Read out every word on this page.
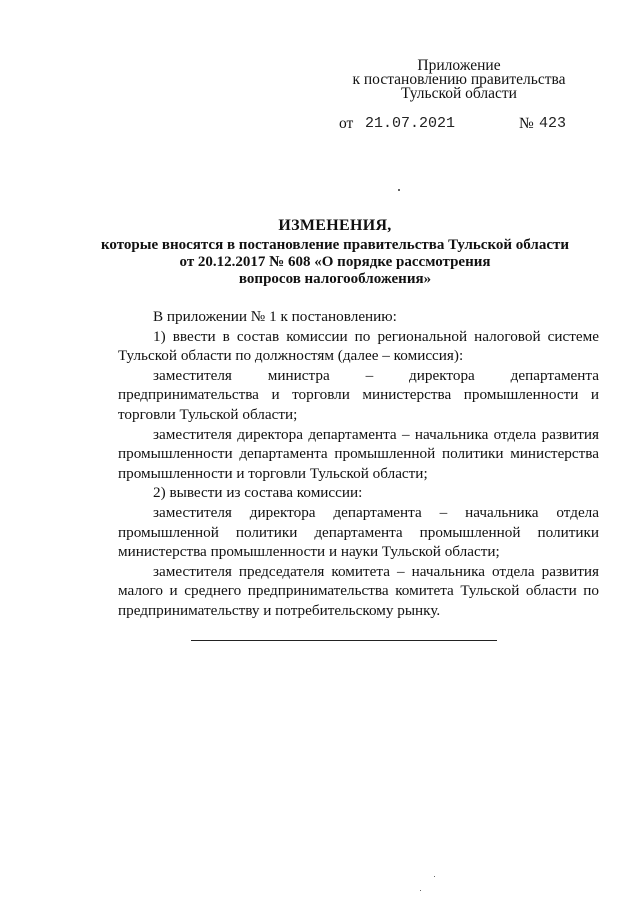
Приложение
к постановлению правительства
Тульской области
от 21.07.2021	№ 423
ИЗМЕНЕНИЯ,
которые вносятся в постановление правительства Тульской области
от 20.12.2017 № 608 «О порядке рассмотрения
вопросов налогообложения»

В приложении № 1 к постановлению:

1) ввести в состав комиссии по региональной налоговой системе Тульской области по должностям (далее – комиссия):

заместителя министра – директора департамента предпринимательства и торговли министерства промышленности и торговли Тульской области;

заместителя директора департамента – начальника отдела развития промышленности департамента промышленной политики министерства промышленности и торговли Тульской области;

2) вывести из состава комиссии:

заместителя директора департамента – начальника отдела промышленной политики департамента промышленной политики министерства промышленности и науки Тульской области;

заместителя председателя комитета – начальника отдела развития малого и среднего предпринимательства комитета Тульской области по предпринимательству и потребительскому рынку.
